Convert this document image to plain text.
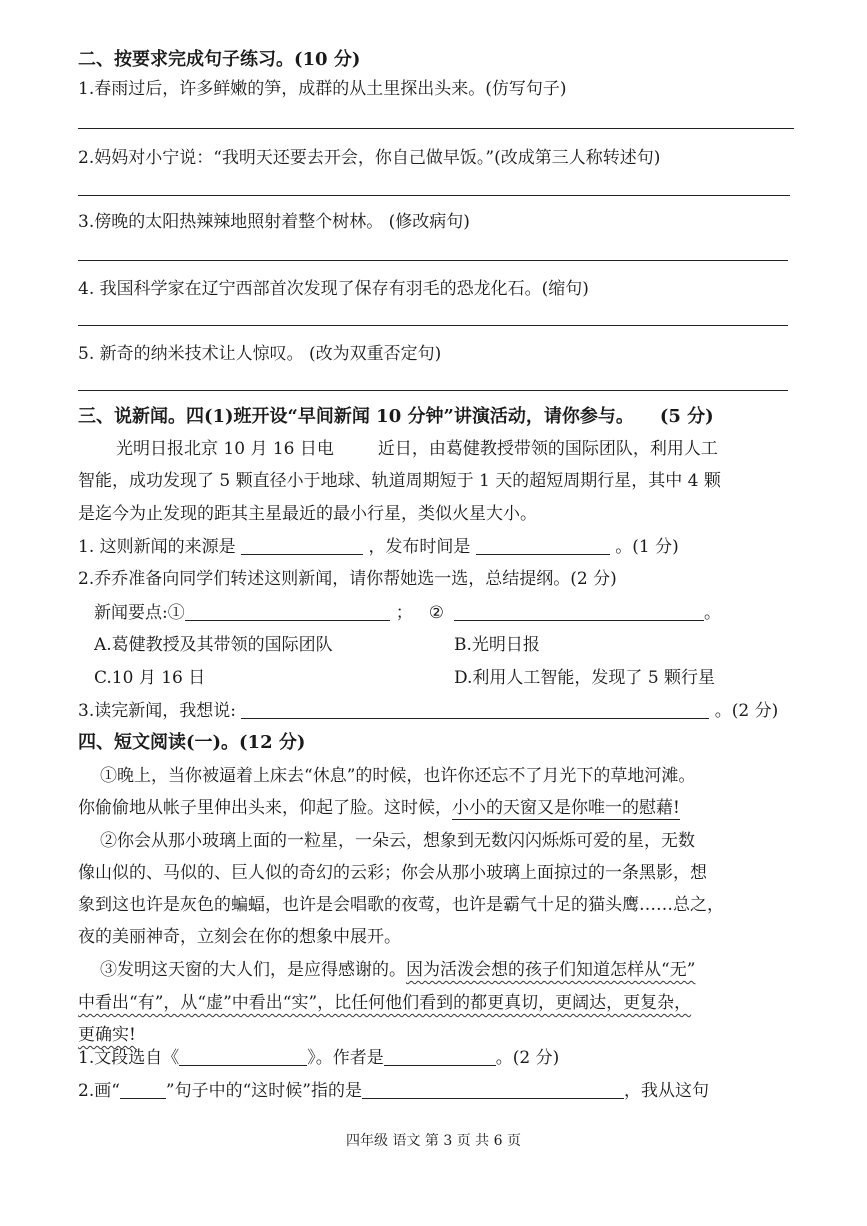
二、按要求完成句子练习。(10 分)
1.春雨过后，许多鲜嫩的笋，成群的从土里探出头来。(仿写句子)
2.妈妈对小宁说：“我明天还要去开会，你自己做早饭。”(改成第三人称转述句)
3.傍晚的太阳热辣辣地照射着整个树林。 (修改病句)
4. 我国科学家在辽宁西部首次发现了保存有羽毛的恐龙化石。(缩句)
5. 新奇的纳米技术让人惊叹。 (改为双重否定句)
三、说新闻。四(1)班开设“早间新闻 10 分钟”讲演活动，请你参与。 (5 分)
光明日报北京 10 月 16 日电	近日，由葛健教授带领的国际团队，利用人工
智能，成功发现了 5 颗直径小于地球、轨道周期短于 1 天的超短周期行星，其中 4 颗
是迄今为止发现的距其主星最近的最小行星，类似火星大小。
1. 这则新闻的来源是	，发布时间是	。(1 分)
2.乔乔准备向同学们转述这则新闻，请你帮她选一选，总结提纲。(2 分)
新闻要点:①	； ②	。
A.葛健教授及其带领的国际团队	B.光明日报
C.10 月 16 日	D.利用人工智能，发现了 5 颗行星
3.读完新闻，我想说:	。(2 分)
四、短文阅读(一)。(12 分)
①晚上，当你被逼着上床去“休息”的时候，也许你还忘不了月光下的草地河滩。
你偷偷地从帐子里伸出头来，仰起了脸。这时候，小小的天窗又是你唯一的慰藉!
②你会从那小玻璃上面的一粒星，一朵云，想象到无数闪闪烁烁可爱的星，无数
像山似的、马似的、巨人似的奇幻的云彩；你会从那小玻璃上面掠过的一条黑影，想
象到这也许是灰色的蝙蝠，也许是会唱歌的夜莺，也许是霸气十足的猫头鹰……总之，
夜的美丽神奇，立刻会在你的想象中展开。
③发明这天窗的大人们，是应得感谢的。因为活泼会想的孩子们知道怎样从“无”
中看出“有”，从“虚”中看出“实”，比任何他们看到的都更真切，更阔达，更复杂，
更确实!
1.文段选自《	》。作者是	。(2 分)
2.画“	”句子中的“这时候”指的是	，我从这句
四年级 语文 第 3 页 共 6 页
